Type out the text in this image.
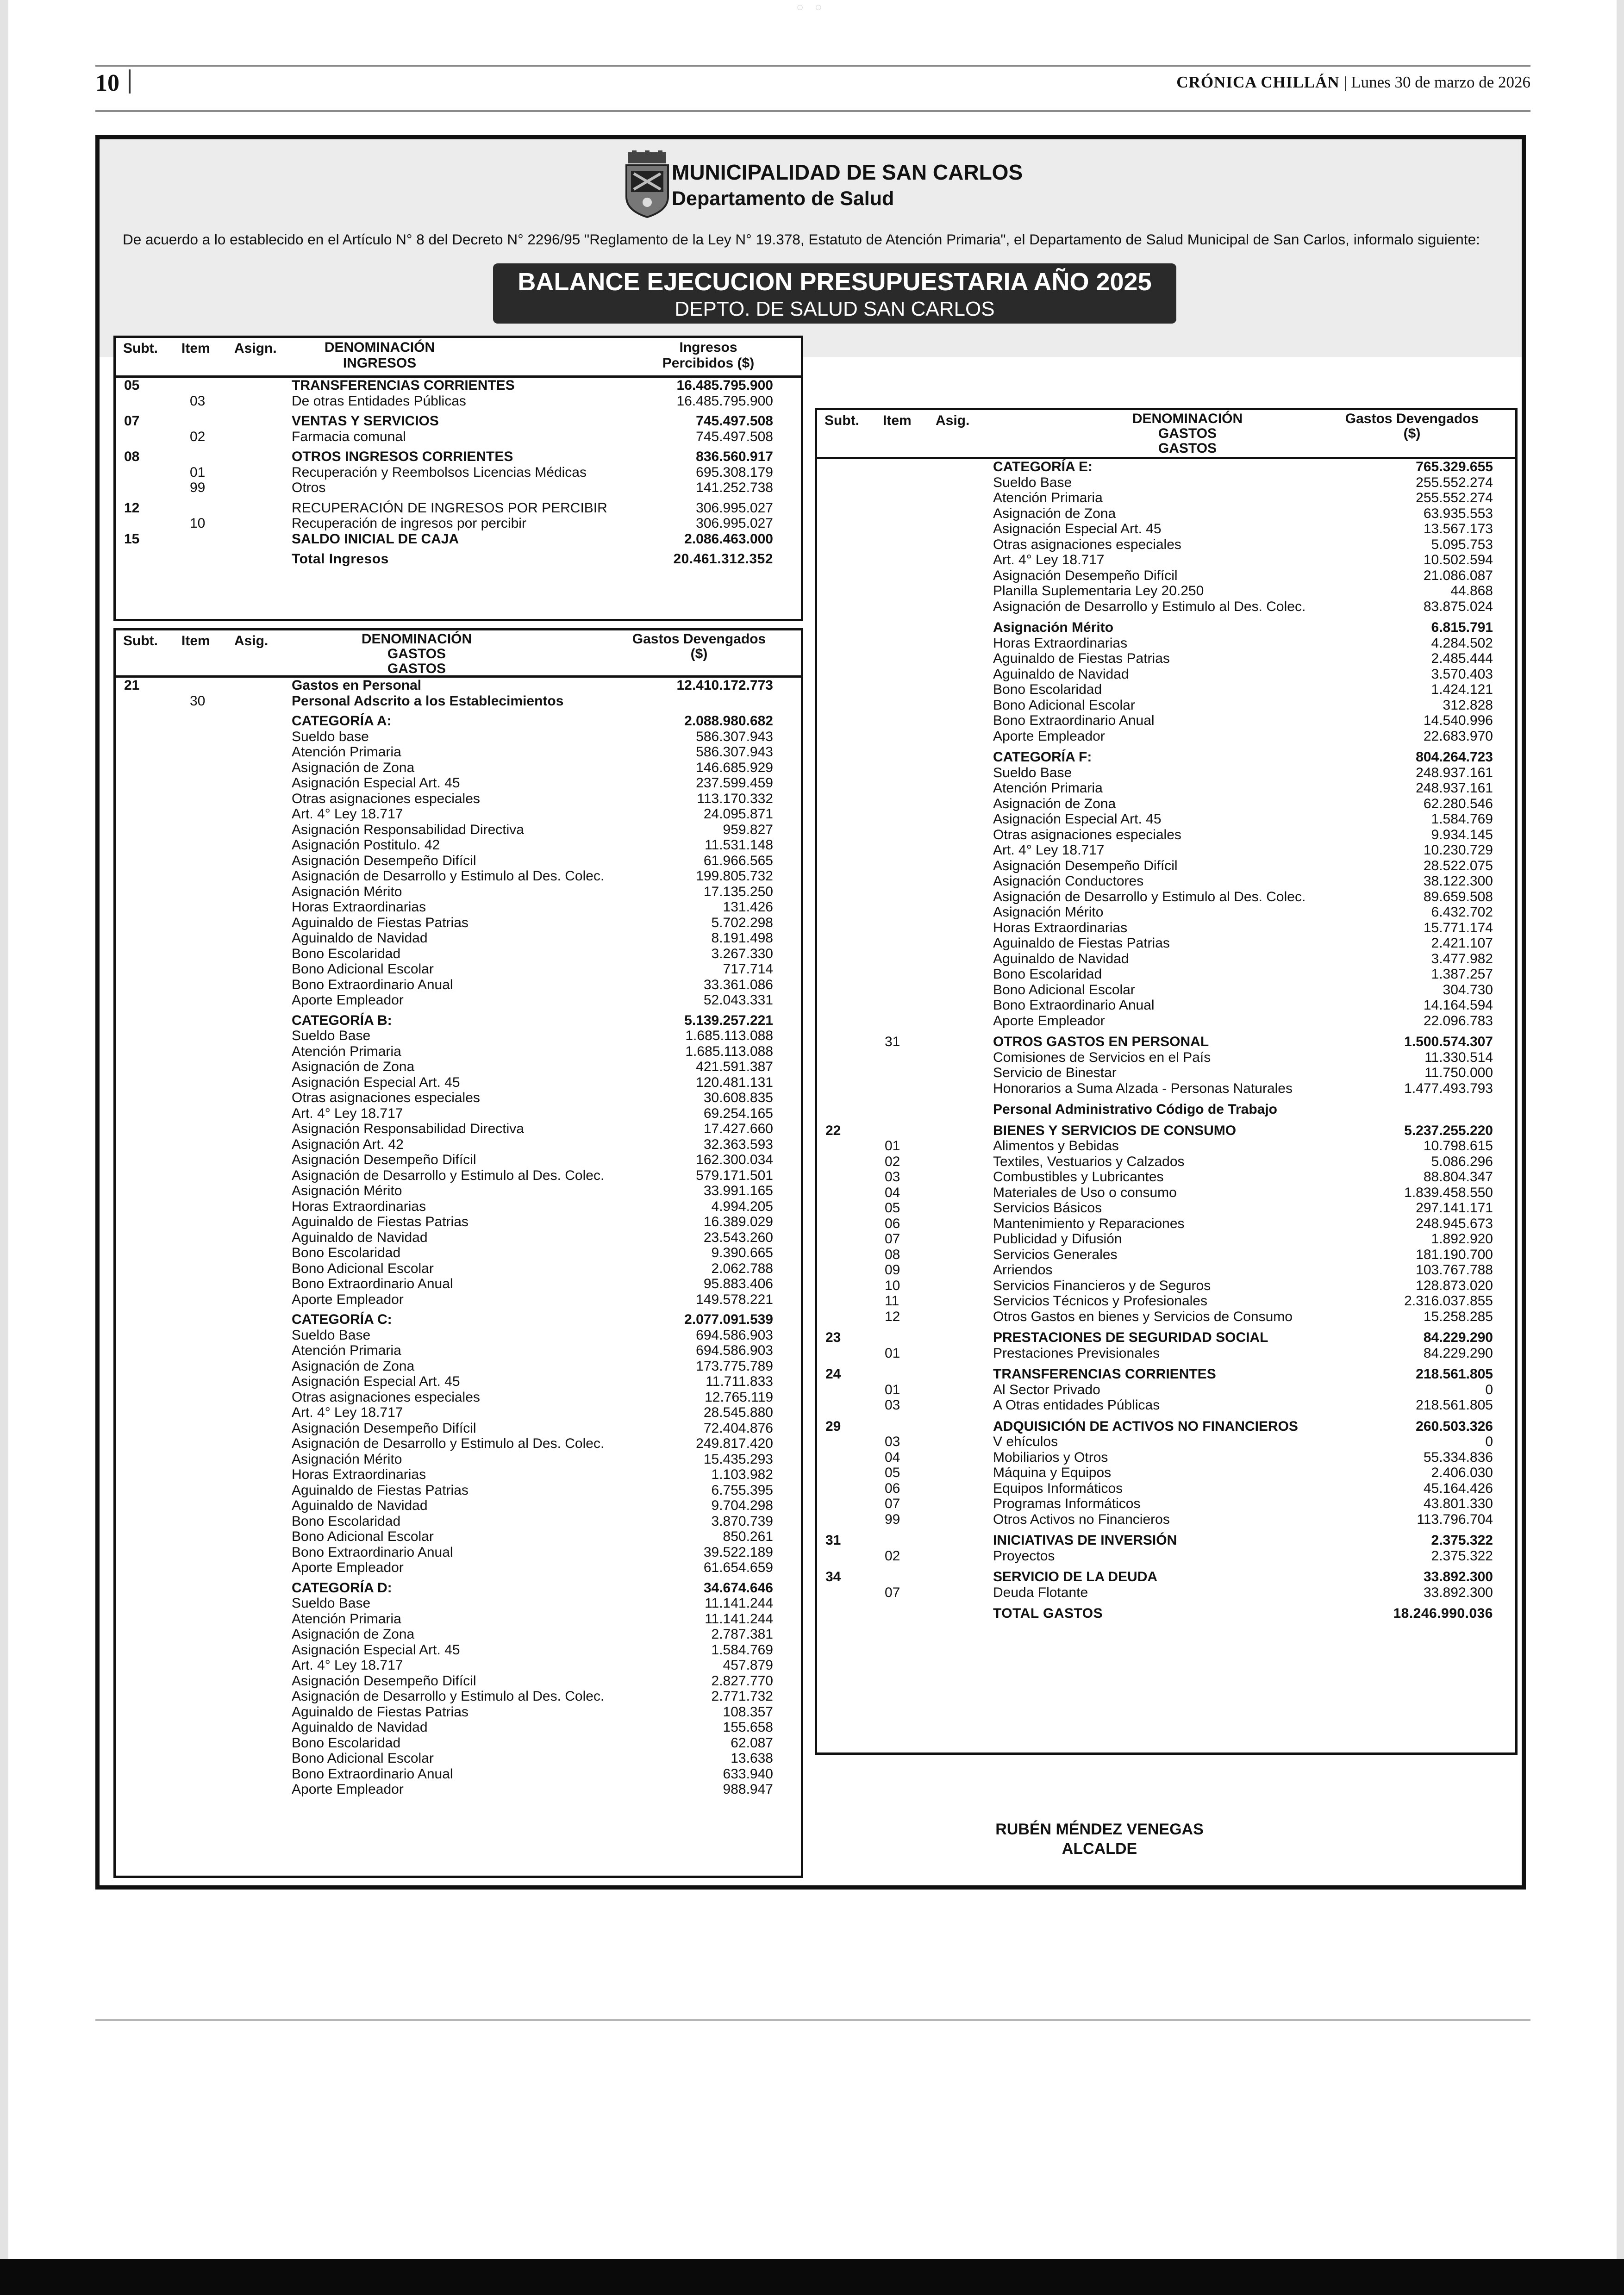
○○
10	CRÓNICA CHILLÁN | Lunes 30 de marzo de 2026
MUNICIPALIDAD DE SAN CARLOS
Departamento de Salud
De acuerdo a lo establecido en el Artículo N° 8 del Decreto N° 2296/95 "Reglamento de la Ley N° 19.378, Estatuto de Atención Primaria", el Departamento de Salud Municipal de San Carlos, informalo siguiente:
BALANCE EJECUCION PRESUPUESTARIA AÑO 2025
DEPTO. DE SALUD SAN CARLOS
Subt. Item Asign.	DENOMINACIÓN
INGRESOS
Ingresos
Percibidos ($)
05	TRANSFERENCIAS CORRIENTES	16.485.795.900
03	De otras Entidades Públicas	16.485.795.900
07	VENTAS Y SERVICIOS	745.497.508
02	Farmacia comunal	745.497.508
08	OTROS INGRESOS CORRIENTES	836.560.917
01	Recuperación y Reembolsos Licencias Médicas	695.308.179
99	Otros	141.252.738
12	RECUPERACIÓN DE INGRESOS POR PERCIBIR	306.995.027
10	Recuperación de ingresos por percibir	306.995.027
15	SALDO INICIAL DE CAJA	2.086.463.000
Total Ingresos	20.461.312.352
Subt. Item Asig.	DENOMINACIÓN
GASTOS
GASTOS
Gastos Devengados
($)
21	Gastos en Personal	12.410.172.773
30	Personal Adscrito a los Establecimientos
CATEGORÍA A:	2.088.980.682
Sueldo base	586.307.943
Atención Primaria	586.307.943
Asignación de Zona	146.685.929
Asignación Especial Art. 45	237.599.459
Otras asignaciones especiales	113.170.332
Art. 4° Ley 18.717	24.095.871
Asignación Responsabilidad Directiva	959.827
Asignación Postitulo. 42	11.531.148
Asignación Desempeño Difícil	61.966.565
Asignación de Desarrollo y Estimulo al Des. Colec.	199.805.732
Asignación Mérito	17.135.250
Horas Extraordinarias	131.426
Aguinaldo de Fiestas Patrias	5.702.298
Aguinaldo de Navidad	8.191.498
Bono Escolaridad	3.267.330
Bono Adicional Escolar	717.714
Bono Extraordinario Anual	33.361.086
Aporte Empleador	52.043.331
CATEGORÍA B:	5.139.257.221
Sueldo Base	1.685.113.088
Atención Primaria	1.685.113.088
Asignación de Zona	421.591.387
Asignación Especial Art. 45	120.481.131
Otras asignaciones especiales	30.608.835
Art. 4° Ley 18.717	69.254.165
Asignación Responsabilidad Directiva	17.427.660
Asignación Art. 42	32.363.593
Asignación Desempeño Difícil	162.300.034
Asignación de Desarrollo y Estimulo al Des. Colec.	579.171.501
Asignación Mérito	33.991.165
Horas Extraordinarias	4.994.205
Aguinaldo de Fiestas Patrias	16.389.029
Aguinaldo de Navidad	23.543.260
Bono Escolaridad	9.390.665
Bono Adicional Escolar	2.062.788
Bono Extraordinario Anual	95.883.406
Aporte Empleador	149.578.221
CATEGORÍA C:	2.077.091.539
Sueldo Base	694.586.903
Atención Primaria	694.586.903
Asignación de Zona	173.775.789
Asignación Especial Art. 45	11.711.833
Otras asignaciones especiales	12.765.119
Art. 4° Ley 18.717	28.545.880
Asignación Desempeño Difícil	72.404.876
Asignación de Desarrollo y Estimulo al Des. Colec.	249.817.420
Asignación Mérito	15.435.293
Horas Extraordinarias	1.103.982
Aguinaldo de Fiestas Patrias	6.755.395
Aguinaldo de Navidad	9.704.298
Bono Escolaridad	3.870.739
Bono Adicional Escolar	850.261
Bono Extraordinario Anual	39.522.189
Aporte Empleador	61.654.659
CATEGORÍA D:	34.674.646
Sueldo Base	11.141.244
Atención Primaria	11.141.244
Asignación de Zona	2.787.381
Asignación Especial Art. 45	1.584.769
Art. 4° Ley 18.717	457.879
Asignación Desempeño Difícil	2.827.770
Asignación de Desarrollo y Estimulo al Des. Colec.	2.771.732
Aguinaldo de Fiestas Patrias	108.357
Aguinaldo de Navidad	155.658
Bono Escolaridad	62.087
Bono Adicional Escolar	13.638
Bono Extraordinario Anual	633.940
Aporte Empleador	988.947
Subt. Item Asig.	DENOMINACIÓN
GASTOS
GASTOS
Gastos Devengados
($)
CATEGORÍA E:	765.329.655
Sueldo Base	255.552.274
Atención Primaria	255.552.274
Asignación de Zona	63.935.553
Asignación Especial Art. 45	13.567.173
Otras asignaciones especiales	5.095.753
Art. 4° Ley 18.717	10.502.594
Asignación Desempeño Difícil	21.086.087
Planilla Suplementaria Ley 20.250	44.868
Asignación de Desarrollo y Estimulo al Des. Colec.	83.875.024
Asignación Mérito	6.815.791
Horas Extraordinarias	4.284.502
Aguinaldo de Fiestas Patrias	2.485.444
Aguinaldo de Navidad	3.570.403
Bono Escolaridad	1.424.121
Bono Adicional Escolar	312.828
Bono Extraordinario Anual	14.540.996
Aporte Empleador	22.683.970
CATEGORÍA F:	804.264.723
Sueldo Base	248.937.161
Atención Primaria	248.937.161
Asignación de Zona	62.280.546
Asignación Especial Art. 45	1.584.769
Otras asignaciones especiales	9.934.145
Art. 4° Ley 18.717	10.230.729
Asignación Desempeño Difícil	28.522.075
Asignación Conductores	38.122.300
Asignación de Desarrollo y Estimulo al Des. Colec.	89.659.508
Asignación Mérito	6.432.702
Horas Extraordinarias	15.771.174
Aguinaldo de Fiestas Patrias	2.421.107
Aguinaldo de Navidad	3.477.982
Bono Escolaridad	1.387.257
Bono Adicional Escolar	304.730
Bono Extraordinario Anual	14.164.594
Aporte Empleador	22.096.783
31	OTROS GASTOS EN PERSONAL	1.500.574.307
Comisiones de Servicios en el País	11.330.514
Servicio de Binestar	11.750.000
Honorarios a Suma Alzada - Personas Naturales	1.477.493.793
Personal Administrativo Código de Trabajo
22	BIENES Y SERVICIOS DE CONSUMO	5.237.255.220
01	Alimentos y Bebidas	10.798.615
02	Textiles, Vestuarios y Calzados	5.086.296
03	Combustibles y Lubricantes	88.804.347
04	Materiales de Uso o consumo	1.839.458.550
05	Servicios Básicos	297.141.171
06	Mantenimiento y Reparaciones	248.945.673
07	Publicidad y Difusión	1.892.920
08	Servicios Generales	181.190.700
09	Arriendos	103.767.788
10	Servicios Financieros y de Seguros	128.873.020
11	Servicios Técnicos y Profesionales	2.316.037.855
12	Otros Gastos en bienes y Servicios de Consumo	15.258.285
23	PRESTACIONES DE SEGURIDAD SOCIAL	84.229.290
01	Prestaciones Previsionales	84.229.290
24	TRANSFERENCIAS CORRIENTES	218.561.805
01	Al Sector Privado	0
03	A Otras entidades Públicas	218.561.805
29	ADQUISICIÓN DE ACTIVOS NO FINANCIEROS	260.503.326
03	V ehículos	0
04	Mobiliarios y Otros	55.334.836
05	Máquina y Equipos	2.406.030
06	Equipos Informáticos	45.164.426
07	Programas Informáticos	43.801.330
99	Otros Activos no Financieros	113.796.704
31	INICIATIVAS DE INVERSIÓN	2.375.322
02	Proyectos	2.375.322
34	SERVICIO DE LA DEUDA	33.892.300
07	Deuda Flotante	33.892.300
TOTAL GASTOS	18.246.990.036
RUBÉN MÉNDEZ VENEGAS
ALCALDE
